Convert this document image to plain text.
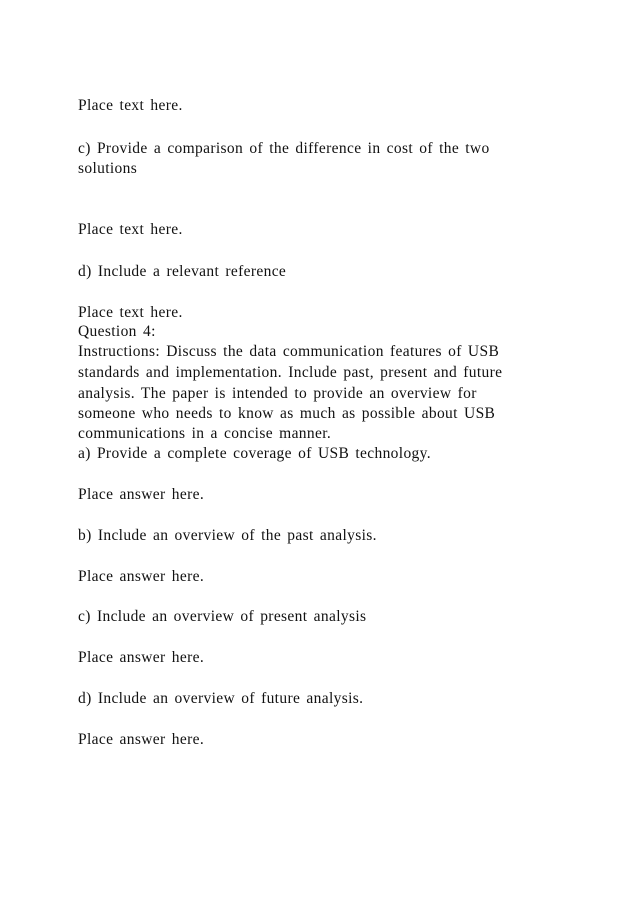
Place text here.
c) Provide a comparison of the difference in cost of the two
solutions
Place text here.
d) Include a relevant reference
Place text here.
Question 4:
Instructions: Discuss the data communication features of USB
standards and implementation. Include past, present and future
analysis. The paper is intended to provide an overview for
someone who needs to know as much as possible about USB
communications in a concise manner.
a) Provide a complete coverage of USB technology.
Place answer here.
b) Include an overview of the past analysis.
Place answer here.
c) Include an overview of present analysis
Place answer here.
d) Include an overview of future analysis.
Place answer here.
